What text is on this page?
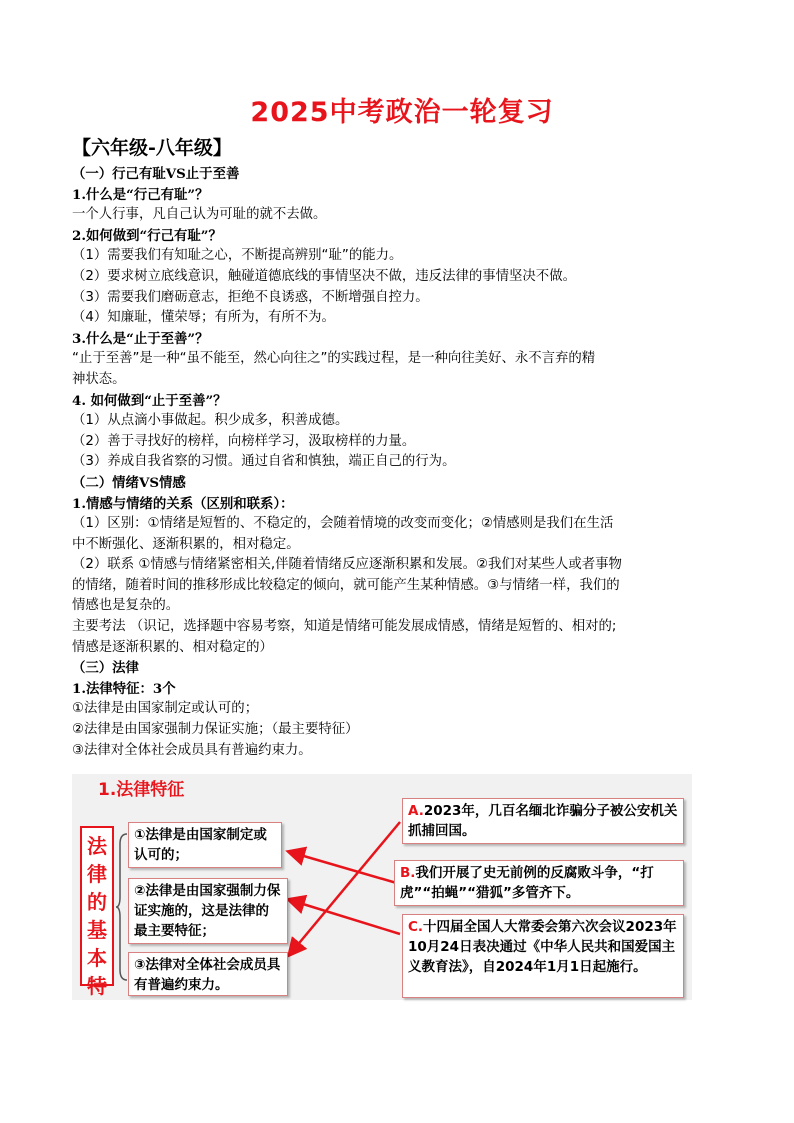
2025中考政治一轮复习
【六年级-八年级】
（一）行己有耻VS止于至善
1.什么是“行己有耻”？
一个人行事，凡自己认为可耻的就不去做。
2.如何做到“行己有耻”？
（1）需要我们有知耻之心，不断提高辨别“耻”的能力。
（2）要求树立底线意识，触碰道德底线的事情坚决不做，违反法律的事情坚决不做。
（3）需要我们磨砺意志，拒绝不良诱惑，不断增强自控力。
（4）知廉耻，懂荣辱；有所为，有所不为。
3.什么是“止于至善”？
“止于至善”是一种“虽不能至，然心向往之”的实践过程，是一种向往美好、永不言弃的精
神状态。
4. 如何做到“止于至善”？
（1）从点滴小事做起。积少成多，积善成德。
（2）善于寻找好的榜样，向榜样学习，汲取榜样的力量。
（3）养成自我省察的习惯。通过自省和慎独，端正自己的行为。
（二）情绪VS情感
1.情感与情绪的关系（区别和联系）：
（1）区别：①情绪是短暂的、不稳定的，会随着情境的改变而变化；②情感则是我们在生活
中不断强化、逐渐积累的，相对稳定。
（2）联系 ①情感与情绪紧密相关,伴随着情绪反应逐渐积累和发展。②我们对某些人或者事物
的情绪，随着时间的推移形成比较稳定的倾向，就可能产生某种情感。③与情绪一样，我们的
情感也是复杂的。
主要考法 （识记，选择题中容易考察，知道是情绪可能发展成情感，情绪是短暂的、相对的;
情感是逐渐积累的、相对稳定的）
（三）法律
1.法律特征：3个
①法律是由国家制定或认可的；
②法律是由国家强制力保证实施；（最主要特征）
③法律对全体社会成员具有普遍约束力。
1.法律特征
法
律
的
基
本
特
①法律是由国家制定或认可的；
②法律是由国家强制力保证实施的，这是法律的最主要特征；
③法律对全体社会成员具有普遍约束力。
A.2023年，几百名缅北诈骗分子被公安机关抓捕回国。
B.我们开展了史无前例的反腐败斗争，“打虎”“拍蝇”“猎狐”多管齐下。
C.十四届全国人大常委会第六次会议2023年10月24日表决通过《中华人民共和国爱国主义教育法》，自2024年1月1日起施行。
